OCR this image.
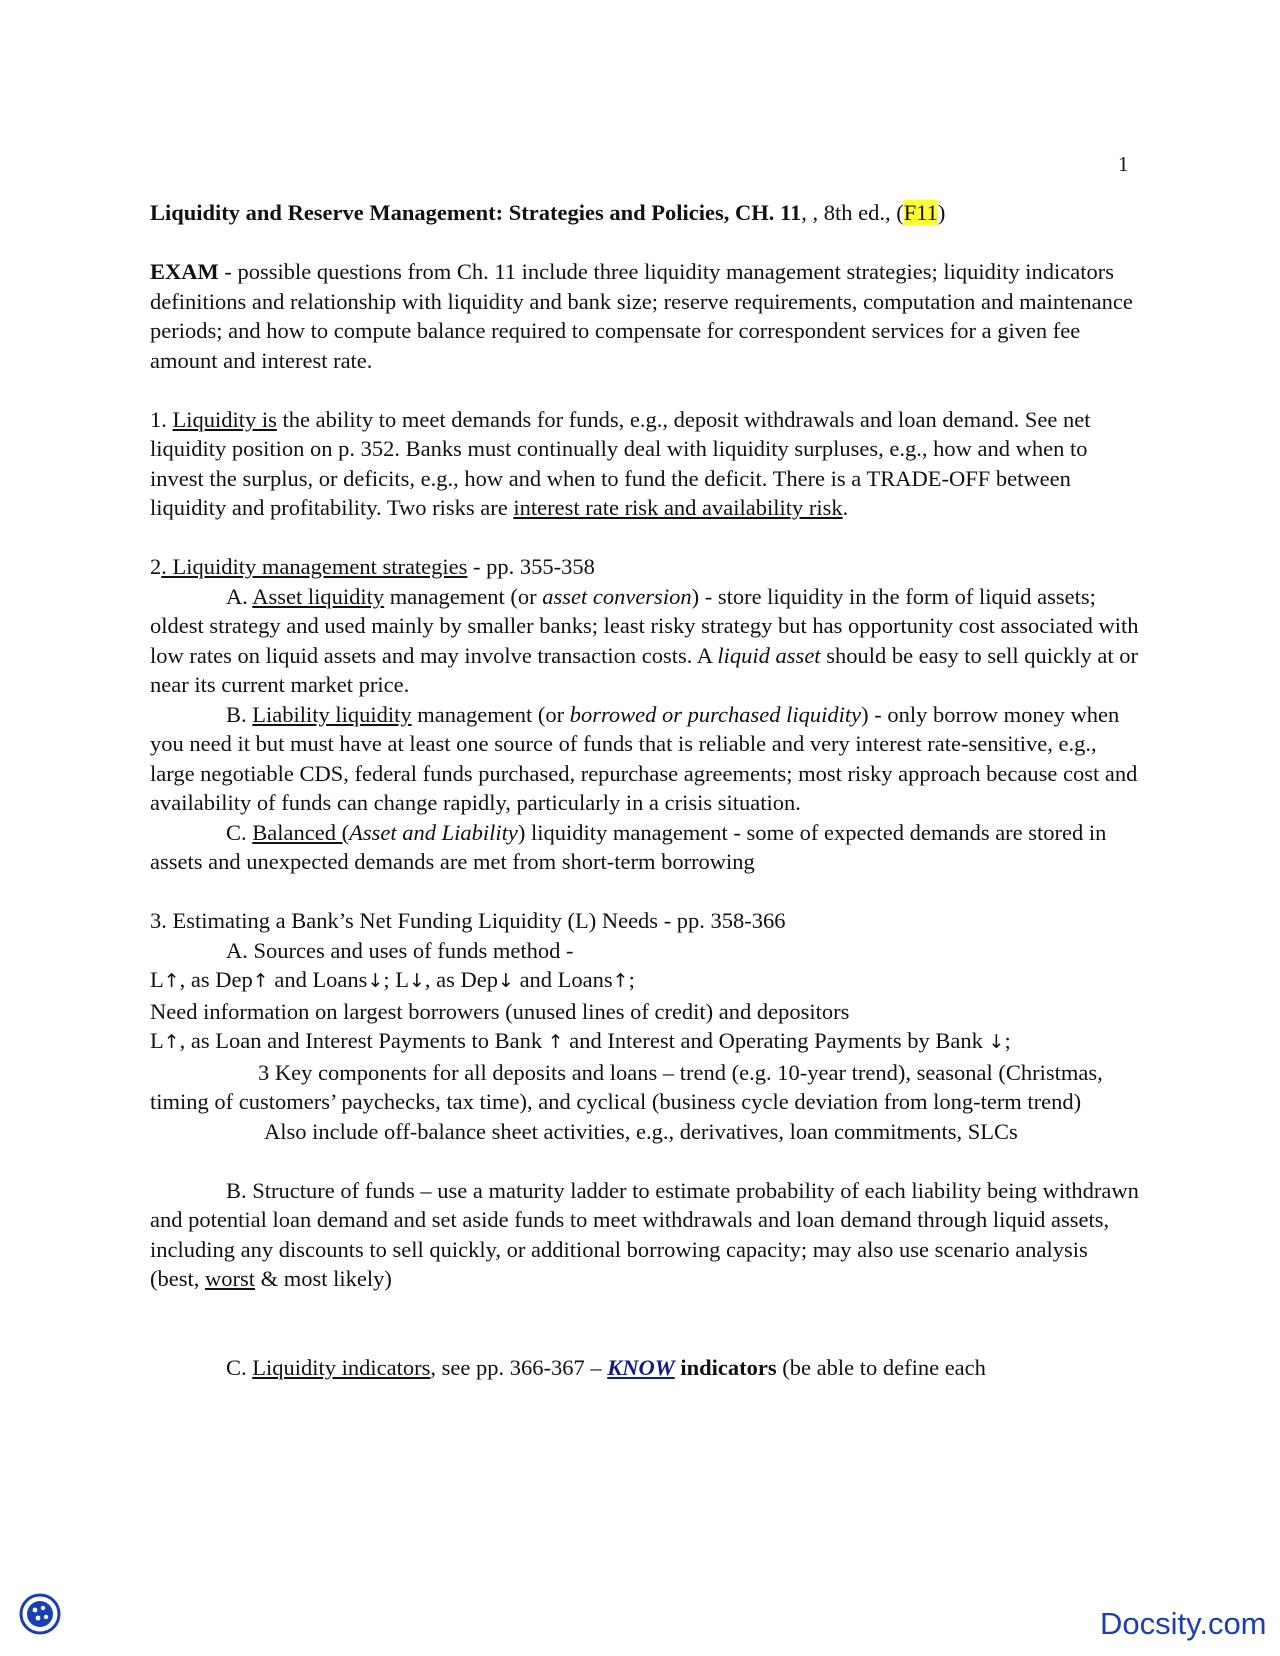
1

Liquidity and Reserve Management: Strategies and Policies, CH. 11, , 8th ed., (F11)

EXAM - possible questions from Ch. 11 include three liquidity management strategies; liquidity indicators definitions and relationship with liquidity and bank size; reserve requirements, computation and maintenance periods; and how to compute balance required to compensate for correspondent services for a given fee amount and interest rate.

1. Liquidity is the ability to meet demands for funds, e.g., deposit withdrawals and loan demand. See net liquidity position on p. 352. Banks must continually deal with liquidity surpluses, e.g., how and when to invest the surplus, or deficits, e.g., how and when to fund the deficit. There is a TRADE-OFF between liquidity and profitability. Two risks are interest rate risk and availability risk.

2. Liquidity management strategies - pp. 355-358

A. Asset liquidity management (or asset conversion) - store liquidity in the form of liquid assets; oldest strategy and used mainly by smaller banks; least risky strategy but has opportunity cost associated with low rates on liquid assets and may involve transaction costs. A liquid asset should be easy to sell quickly at or near its current market price.

B. Liability liquidity management (or borrowed or purchased liquidity) - only borrow money when you need it but must have at least one source of funds that is reliable and very interest rate-sensitive, e.g., large negotiable CDS, federal funds purchased, repurchase agreements; most risky approach because cost and availability of funds can change rapidly, particularly in a crisis situation.

C. Balanced (Asset and Liability) liquidity management - some of expected demands are stored in assets and unexpected demands are met from short-term borrowing

3. Estimating a Bank’s Net Funding Liquidity (L) Needs - pp. 358-366

A. Sources and uses of funds method -

L↑, as Dep↑ and Loans↓; L↓, as Dep↓ and Loans↑;

Need information on largest borrowers (unused lines of credit) and depositors

L↑, as Loan and Interest Payments to Bank ↑ and Interest and Operating Payments by Bank ↓;

3 Key components for all deposits and loans – trend (e.g. 10-year trend), seasonal (Christmas, timing of customers’ paychecks, tax time), and cyclical (business cycle deviation from long-term trend)

Also include off-balance sheet activities, e.g., derivatives, loan commitments, SLCs

B. Structure of funds – use a maturity ladder to estimate probability of each liability being withdrawn and potential loan demand and set aside funds to meet withdrawals and loan demand through liquid assets, including any discounts to sell quickly, or additional borrowing capacity; may also use scenario analysis (best, worst & most likely)

C. Liquidity indicators, see pp. 366-367 – KNOW indicators (be able to define each

Docsity.com
